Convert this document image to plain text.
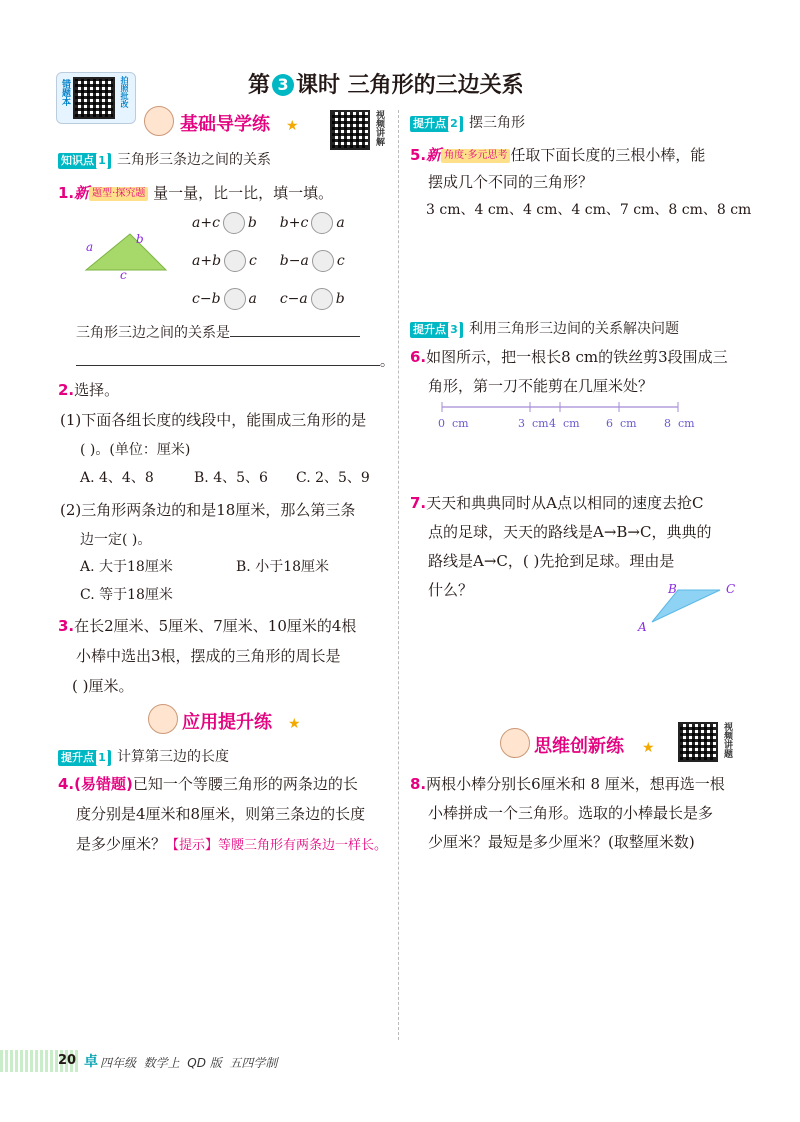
错题本	拍照批改	第 3 课时 三角形的三边关系
基础导学练 ★	视频讲解
知识点 1 三角形三条边之间的关系
1.新 题型·探究题 量一量，比一比，填一填。
a
b
c
a+c b b+c a
a+b c b−a c
c−b a c−a b
三角形三边之间的关系是
。
2.选择。
(1)下面各组长度的线段中，能围成三角形的是
( )。(单位：厘米)
A. 4、4、8	B. 4、5、6 C. 2、5、9
(2)三角形两条边的和是18厘米，那么第三条
边一定( )。
A. 大于18厘米	B. 小于18厘米
C. 等于18厘米
3.在长2厘米、5厘米、7厘米、10厘米的4根
小棒中选出3根，摆成的三角形的周长是
( )厘米。
应用提升练 ★
提升点 1 计算第三边的长度
4.(易错题)已知一个等腰三角形的两条边的长
度分别是4厘米和8厘米，则第三条边的长度
是多少厘米？【提示】等腰三角形有两条边一样长。
提升点 2 摆三角形
5.新 角度·多元思考 任取下面长度的三根小棒，能
摆成几个不同的三角形？
3 cm、4 cm、4 cm、4 cm、7 cm、8 cm、8 cm
提升点 3 利用三角形三边间的关系解决问题
6.如图所示，把一根长8 cm的铁丝剪3段围成三
角形，第一刀不能剪在几厘米处？
0  cm	3  cm 4  cm 6  cm 8  cm
7.天天和典典同时从A点以相同的速度去抢C
点的足球，天天的路线是A→B→C，典典的
路线是A→C，( )先抢到足球。理由是
什么？
A
B	C
思维创新练 ★	视频讲题
8.两根小棒分别长6厘米和 8 厘米，想再选一根
小棒拼成一个三角形。选取的小棒最长是多
少厘米？最短是多少厘米？(取整厘米数)
20 卓 四年级  数学上  QD 版  五四学制
